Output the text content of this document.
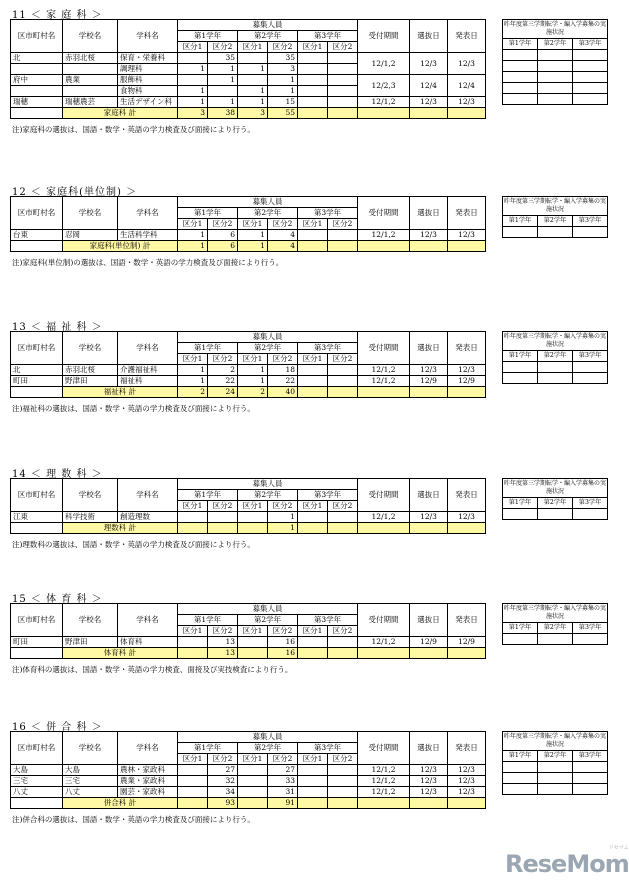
11 ＜ 家 庭 科 ＞
区市町村名	学校名	学科名	募集人員						受付期間	選抜日	発表日
			第1学年		第2学年		第3学年				
			区分1	区分2	区分1	区分2	区分1	区分2			
北	赤羽北桜	保育・栄養科		35		35			12/1,2	12/3	12/3
		調理科	1	1	1	3					
府中	農業	服飾科		1		1			12/2,3	12/4	12/4
		食物科	1		1	1					
瑞穂	瑞穂農芸	生活デザイン科	1	1	1	15			12/1,2	12/3	12/3
	家庭科 計		3	38	3	55					
昨年度第三学期転学・編入学募集の実施状況		
第1学年	第2学年	第3学年

注)家庭科の選抜は、国語・数学・英語の学力検査及び面接により行う。
12 ＜ 家庭科(単位制) ＞
区市町村名	学校名	学科名	募集人員						受付期間	選抜日	発表日
			第1学年		第2学年		第3学年				
			区分1	区分2	区分1	区分2	区分1	区分2			
台東	忍岡	生活科学科	1	6	1	4			12/1,2	12/3	12/3
	家庭科(単位制) 計		1	6	1	4					
昨年度第三学期転学・編入学募集の実施状況		
第1学年	第2学年	第3学年

注)家庭科(単位制)の選抜は、国語・数学・英語の学力検査及び面接により行う。
13 ＜ 福 祉 科 ＞
区市町村名	学校名	学科名	募集人員						受付期間	選抜日	発表日
			第1学年		第2学年		第3学年				
			区分1	区分2	区分1	区分2	区分1	区分2			
北	赤羽北桜	介護福祉科	1	2	1	18			12/1,2	12/3	12/3
町田	野津田	福祉科	1	22	1	22			12/1,2	12/9	12/9
	福祉科 計		2	24	2	40					
昨年度第三学期転学・編入学募集の実施状況		
第1学年	第2学年	第3学年

注)福祉科の選抜は、国語・数学・英語の学力検査及び面接により行う。
14 ＜ 理 数 科 ＞
区市町村名	学校名	学科名	募集人員						受付期間	選抜日	発表日
			第1学年		第2学年		第3学年				
			区分1	区分2	区分1	区分2	区分1	区分2			
江東	科学技術	創造理数				1			12/1,2	12/3	12/3
	理数科 計					1					
昨年度第三学期転学・編入学募集の実施状況		
第1学年	第2学年	第3学年

注)理数科の選抜は、国語・数学・英語の学力検査及び面接により行う。
15 ＜ 体 育 科 ＞
区市町村名	学校名	学科名	募集人員						受付期間	選抜日	発表日
			第1学年		第2学年		第3学年				
			区分1	区分2	区分1	区分2	区分1	区分2			
町田	野津田	体育科		13		16			12/1,2	12/9	12/9
	体育科 計			13		16					
昨年度第三学期転学・編入学募集の実施状況		
第1学年	第2学年	第3学年

注)体育科の選抜は、国語・数学・英語の学力検査、面接及び実技検査により行う。
16 ＜ 併 合 科 ＞
区市町村名	学校名	学科名	募集人員						受付期間	選抜日	発表日
			第1学年		第2学年		第3学年				
			区分1	区分2	区分1	区分2	区分1	区分2			
大島	大島	農林・家政科		27		27			12/1,2	12/3	12/3
三宅	三宅	農業・家政科		32		33			12/1,2	12/3	12/3
八丈	八丈	園芸・家政科		34		31			12/1,2	12/3	12/3
	併合科 計			93		91					
昨年度第三学期転学・編入学募集の実施状況		
第1学年	第2学年	第3学年

注)併合科の選抜は、国語・数学・英語の学力検査及び面接により行う。
ReseMom
リセマム
